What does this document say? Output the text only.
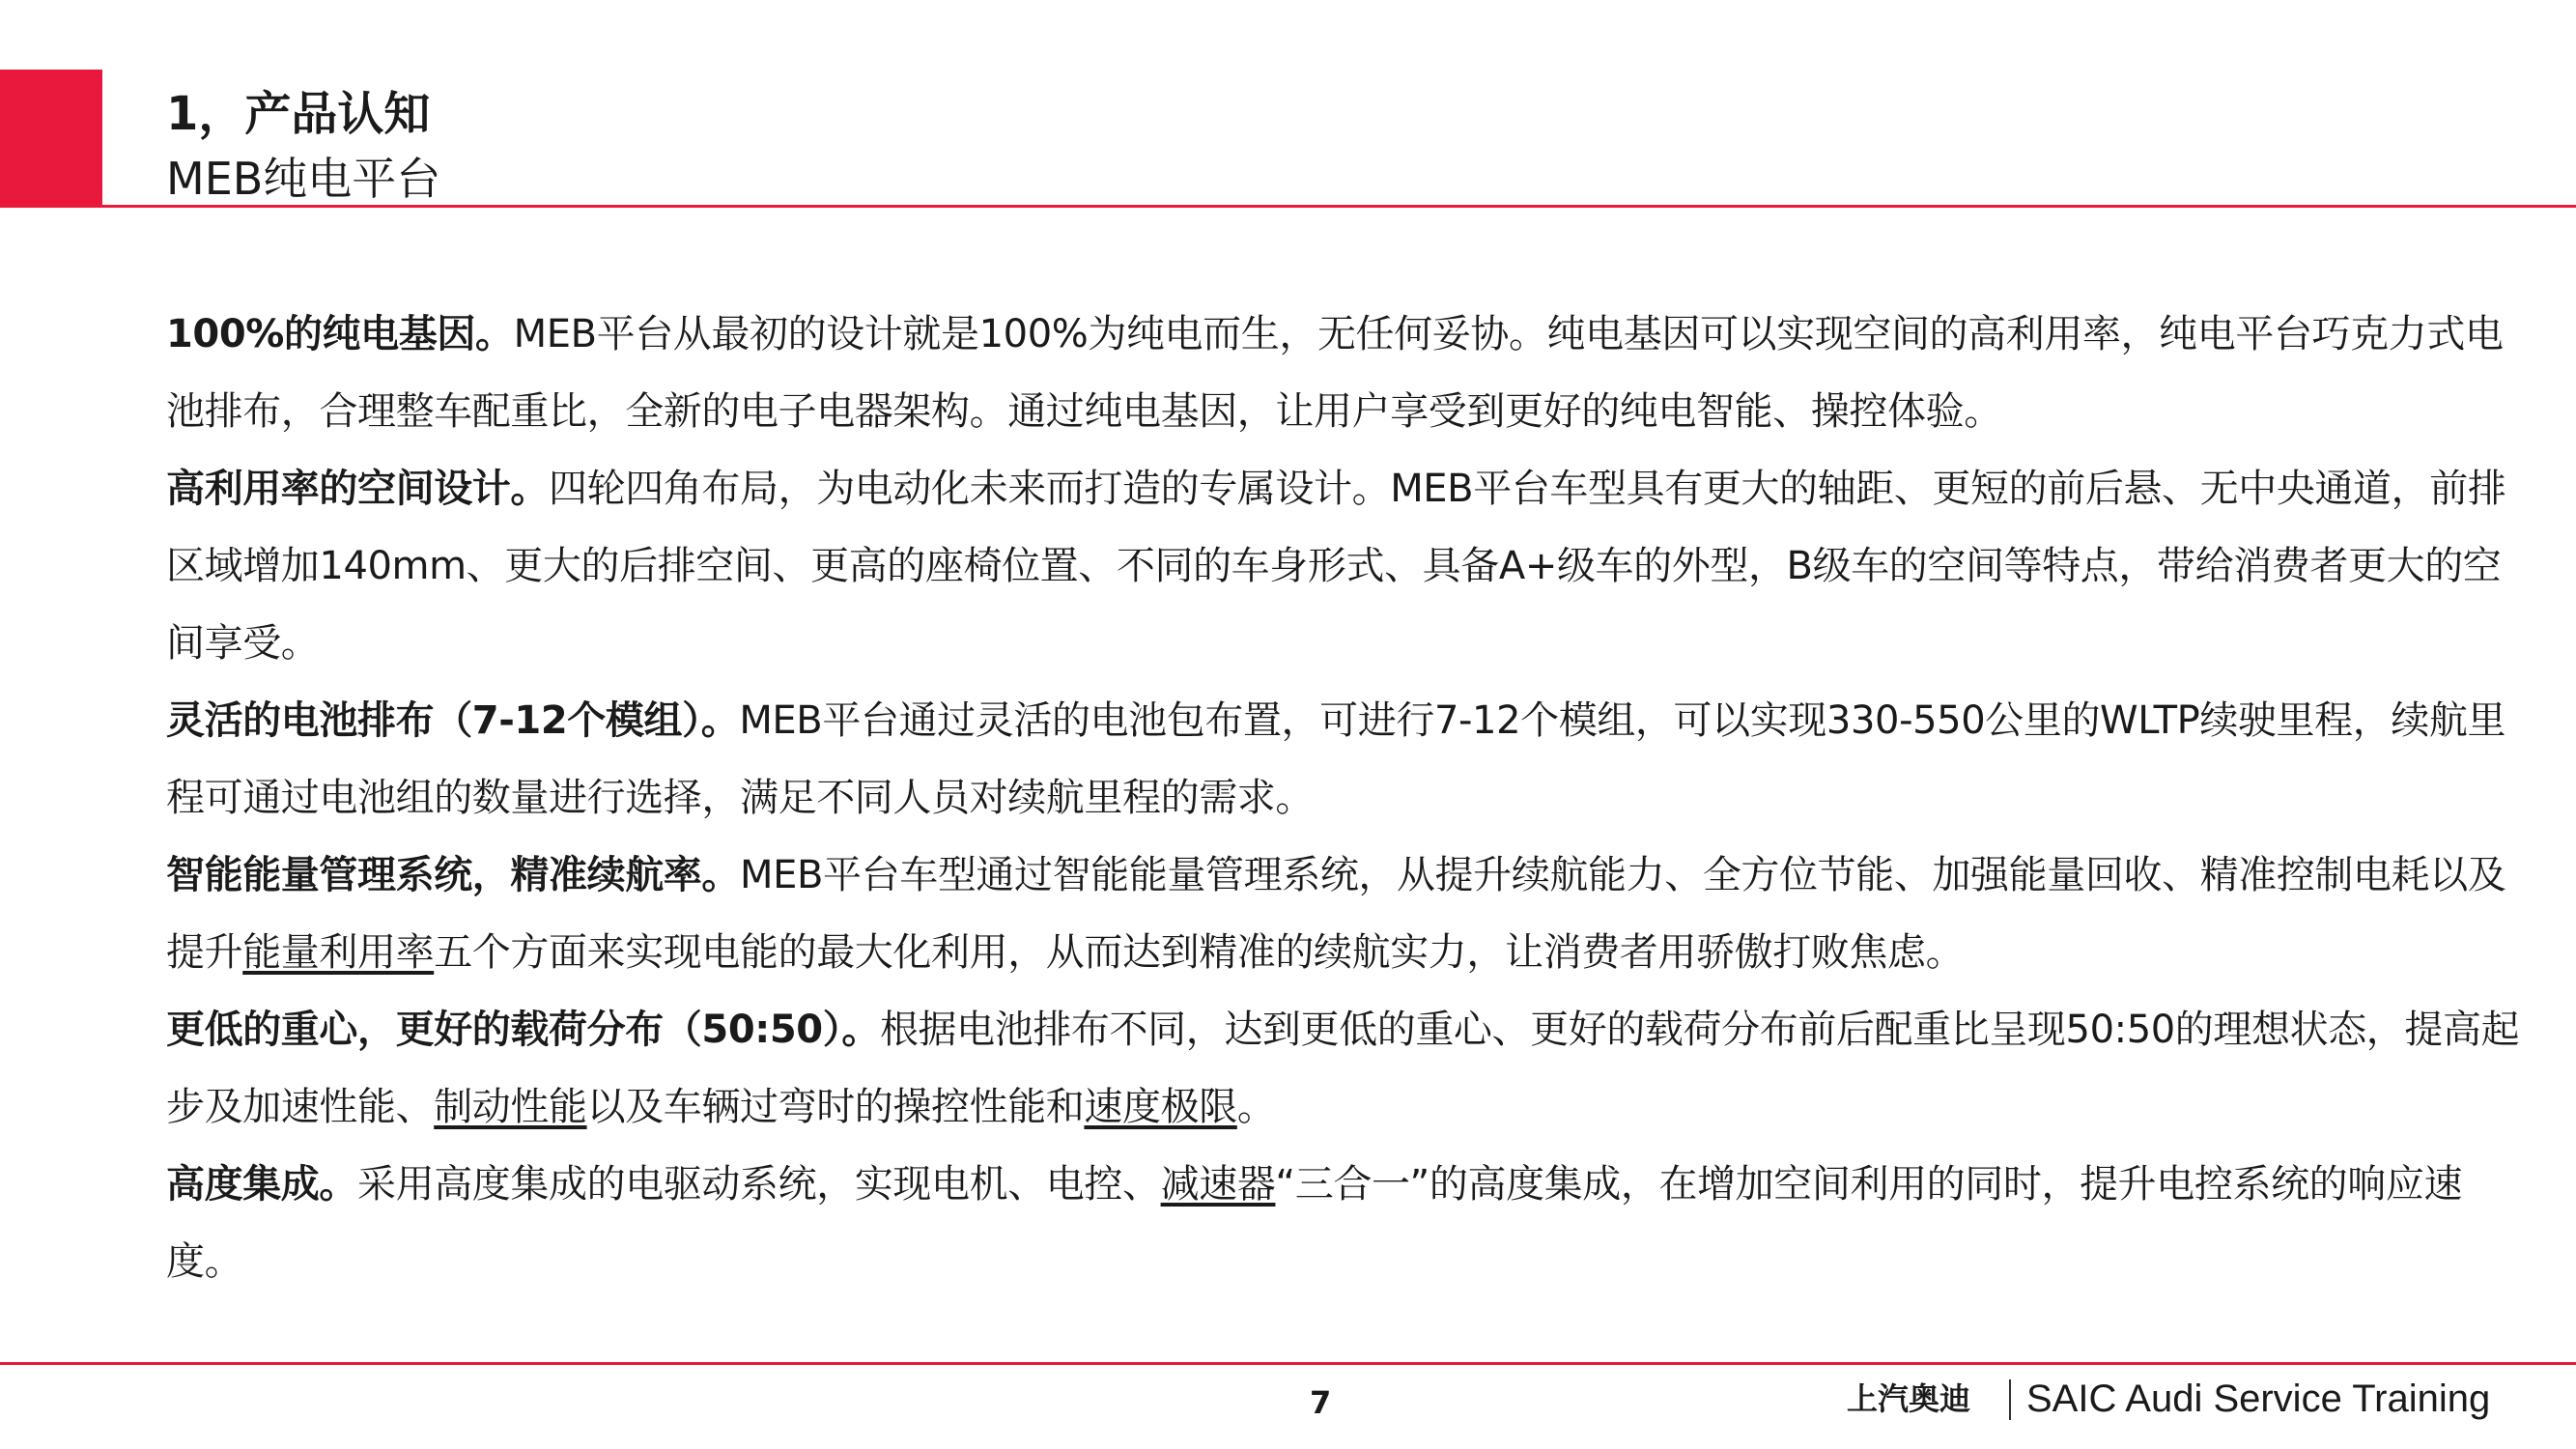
1，产品认知
MEB纯电平台

100%的纯电基因。MEB平台从最初的设计就是100%为纯电而生，无任何妥协。纯电基因可以实现空间的高利用率，纯电平台巧克力式电池排布，合理整车配重比，全新的电子电器架构。通过纯电基因，让用户享受到更好的纯电智能、操控体验。

高利用率的空间设计。四轮四角布局，为电动化未来而打造的专属设计。MEB平台车型具有更大的轴距、更短的前后悬、无中央通道，前排区域增加140mm、更大的后排空间、更高的座椅位置、不同的车身形式、具备A+级车的外型，B级车的空间等特点，带给消费者更大的空间享受。

灵活的电池排布（7-12个模组）。MEB平台通过灵活的电池包布置，可进行7-12个模组，可以实现330-550公里的WLTP续驶里程，续航里程可通过电池组的数量进行选择，满足不同人员对续航里程的需求。

智能能量管理系统，精准续航率。MEB平台车型通过智能能量管理系统，从提升续航能力、全方位节能、加强能量回收、精准控制电耗以及提升能量利用率五个方面来实现电能的最大化利用，从而达到精准的续航实力，让消费者用骄傲打败焦虑。

更低的重心，更好的载荷分布（50:50）。根据电池排布不同，达到更低的重心、更好的载荷分布前后配重比呈现50:50的理想状态，提高起步及加速性能、制动性能以及车辆过弯时的操控性能和速度极限。

高度集成。采用高度集成的电驱动系统，实现电机、电控、减速器“三合一”的高度集成，在增加空间利用的同时，提升电控系统的响应速度。

7	上汽奥迪 SAIC Audi Service Training
